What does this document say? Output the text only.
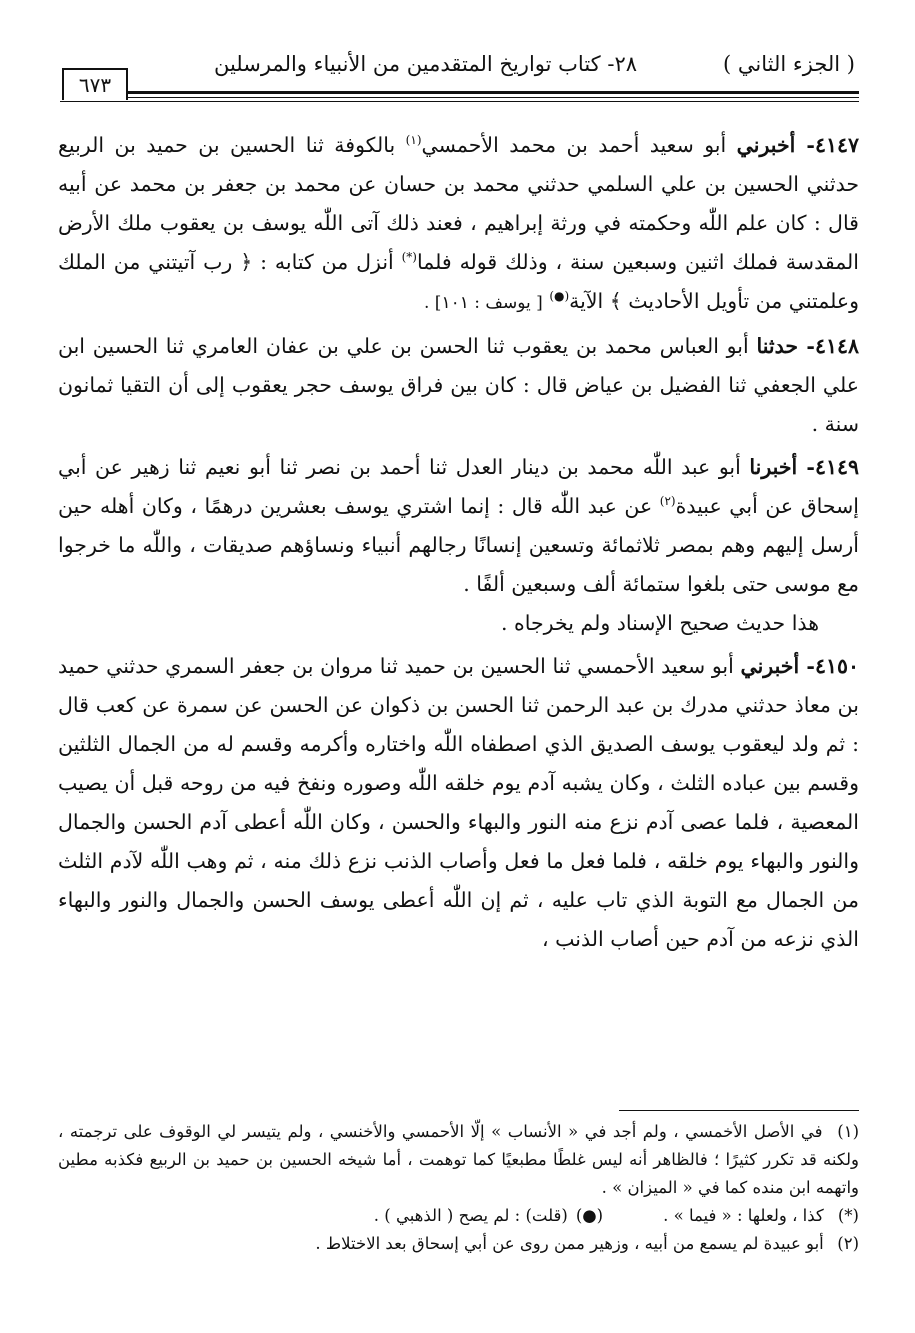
( الجزء الثاني )
٢٨- كتاب تواريخ المتقدمين من الأنبياء والمرسلين
٦٧٣

٤١٤٧- أخبرني أبو سعيد أحمد بن محمد الأحمسي$^{(١)}$ بالكوفة ثنا الحسين بن حميد بن الربيع حدثني الحسين بن علي السلمي حدثني محمد بن حسان عن محمد بن جعفر بن محمد عن أبيه قال : كان علم اللّٰه وحكمته في ورثة إبراهيم ، فعند ذلك آتى اللّٰه يوسف بن يعقوب ملك الأرض المقدسة فملك اثنين وسبعين سنة ، وذلك قوله فلما(*) أنزل من كتابه : ﴿ رب آتيتني من الملك وعلمتني من تأويل الأحاديث ﴾ الآية(●) [ يوسف : ١٠١] .

٤١٤٨- حدثنا أبو العباس محمد بن يعقوب ثنا الحسن بن علي بن عفان العامري ثنا الحسين ابن علي الجعفي ثنا الفضيل بن عياض قال : كان بين فراق يوسف حجر يعقوب إلى أن التقيا ثمانون سنة .

٤١٤٩- أخبرنا أبو عبد اللّٰه محمد بن دينار العدل ثنا أحمد بن نصر ثنا أبو نعيم ثنا زهير عن أبي إسحاق عن أبي عبيدة$^{(٢)}$ عن عبد اللّٰه قال : إنما اشتري يوسف بعشرين درهمًا ، وكان أهله حين أرسل إليهم وهم بمصر ثلاثمائة وتسعين إنسانًا رجالهم أنبياء ونساؤهم صديقات ، واللّٰه ما خرجوا مع موسى حتى بلغوا ستمائة ألف وسبعين ألفًا .

هذا حديث صحيح الإسناد ولم يخرجاه .

٤١٥٠- أخبرني أبو سعيد الأحمسي ثنا الحسين بن حميد ثنا مروان بن جعفر السمري حدثني حميد بن معاذ حدثني مدرك بن عبد الرحمن ثنا الحسن بن ذكوان عن الحسن عن سمرة عن كعب قال : ثم ولد ليعقوب يوسف الصديق الذي اصطفاه اللّٰه واختاره وأكرمه وقسم له من الجمال الثلثين وقسم بين عباده الثلث ، وكان يشبه آدم يوم خلقه اللّٰه وصوره ونفخ فيه من روحه قبل أن يصيب المعصية ، فلما عصى آدم نزع منه النور والبهاء والحسن ، وكان اللّٰه أعطى آدم الحسن والجمال والنور والبهاء يوم خلقه ، فلما فعل ما فعل وأصاب الذنب نزع ذلك منه ، ثم وهب اللّٰه لآدم الثلث من الجمال مع التوبة الذي تاب عليه ، ثم إن اللّٰه أعطى يوسف الحسن والجمال والنور والبهاء الذي نزعه من آدم حين أصاب الذنب ،

(١) في الأصل الأخمسي ، ولم أجد في « الأنساب » إلّا الأحمسي والأخنسي ، ولم يتيسر لي الوقوف على ترجمته ، ولكنه قد تكرر كثيرًا ؛ فالظاهر أنه ليس غلطًا مطبعيًا كما توهمت ، أما شيخه الحسين بن حميد بن الربيع فكذبه مطين واتهمه ابن منده كما في « الميزان » .

(*) كذا ، ولعلها : « فيما » .
(●) (قلت) : لم يصح ( الذهبي ) .

(٢) أبو عبيدة لم يسمع من أبيه ، وزهير ممن روى عن أبي إسحاق بعد الاختلاط .
